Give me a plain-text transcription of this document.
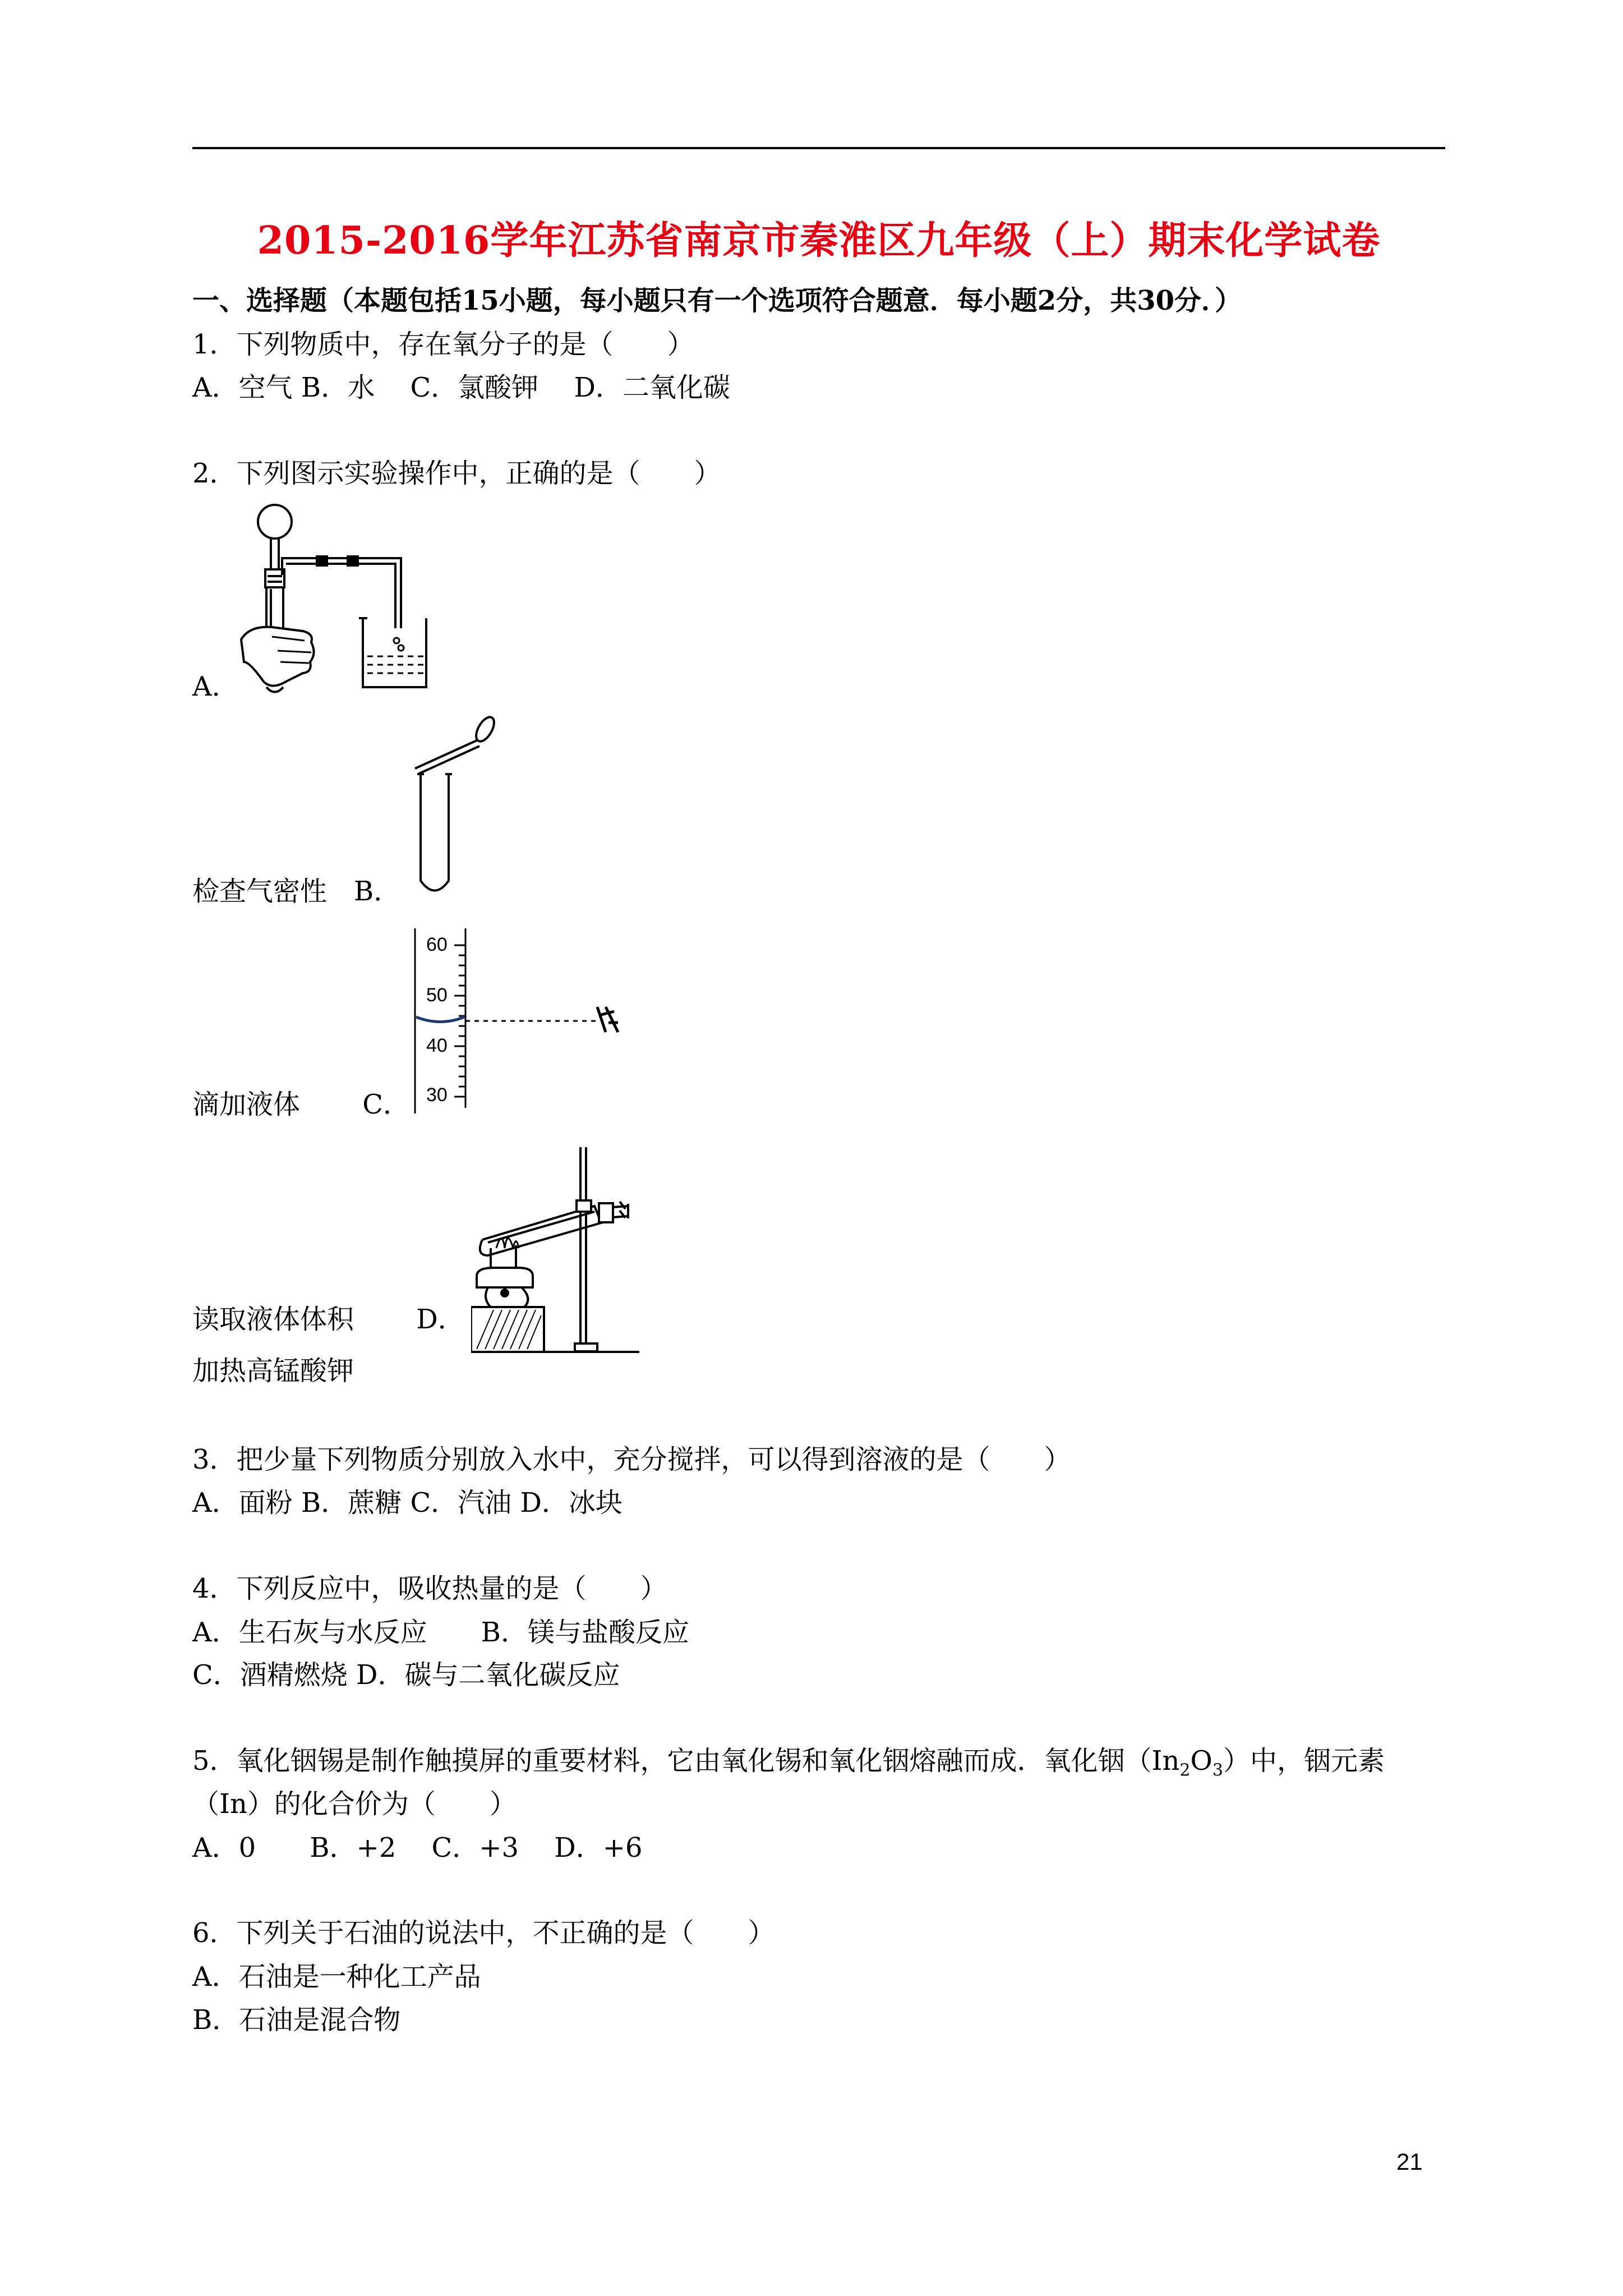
2015-2016学年江苏省南京市秦淮区九年级（上）期末化学试卷
一、选择题（本题包括15小题，每小题只有一个选项符合题意．每小题2分，共30分．）
1．下列物质中，存在氧分子的是（　　）
A．空气 B．水　 C．氯酸钾　 D．二氧化碳
2．下列图示实验操作中，正确的是（　　）
A．
检查气密性　B．
60
50
40
30
滴加液体　　 C．
读取液体体积　　 D．
加热高锰酸钾
3．把少量下列物质分别放入水中，充分搅拌，可以得到溶液的是（　　）
A．面粉 B．蔗糖 C．汽油 D．冰块
4．下列反应中，吸收热量的是（　　）
A．生石灰与水反应　　B．镁与盐酸反应
C．酒精燃烧 D．碳与二氧化碳反应
5．氧化铟锡是制作触摸屏的重要材料，它由氧化锡和氧化铟熔融而成．氧化铟$(In_2O_3)$中，铟元素
（In）的化合价为（　　）
A．0　　B．+2　 C．+3　 D．+6
6．下列关于石油的说法中，不正确的是（　　）
A．石油是一种化工产品
B．石油是混合物
21
